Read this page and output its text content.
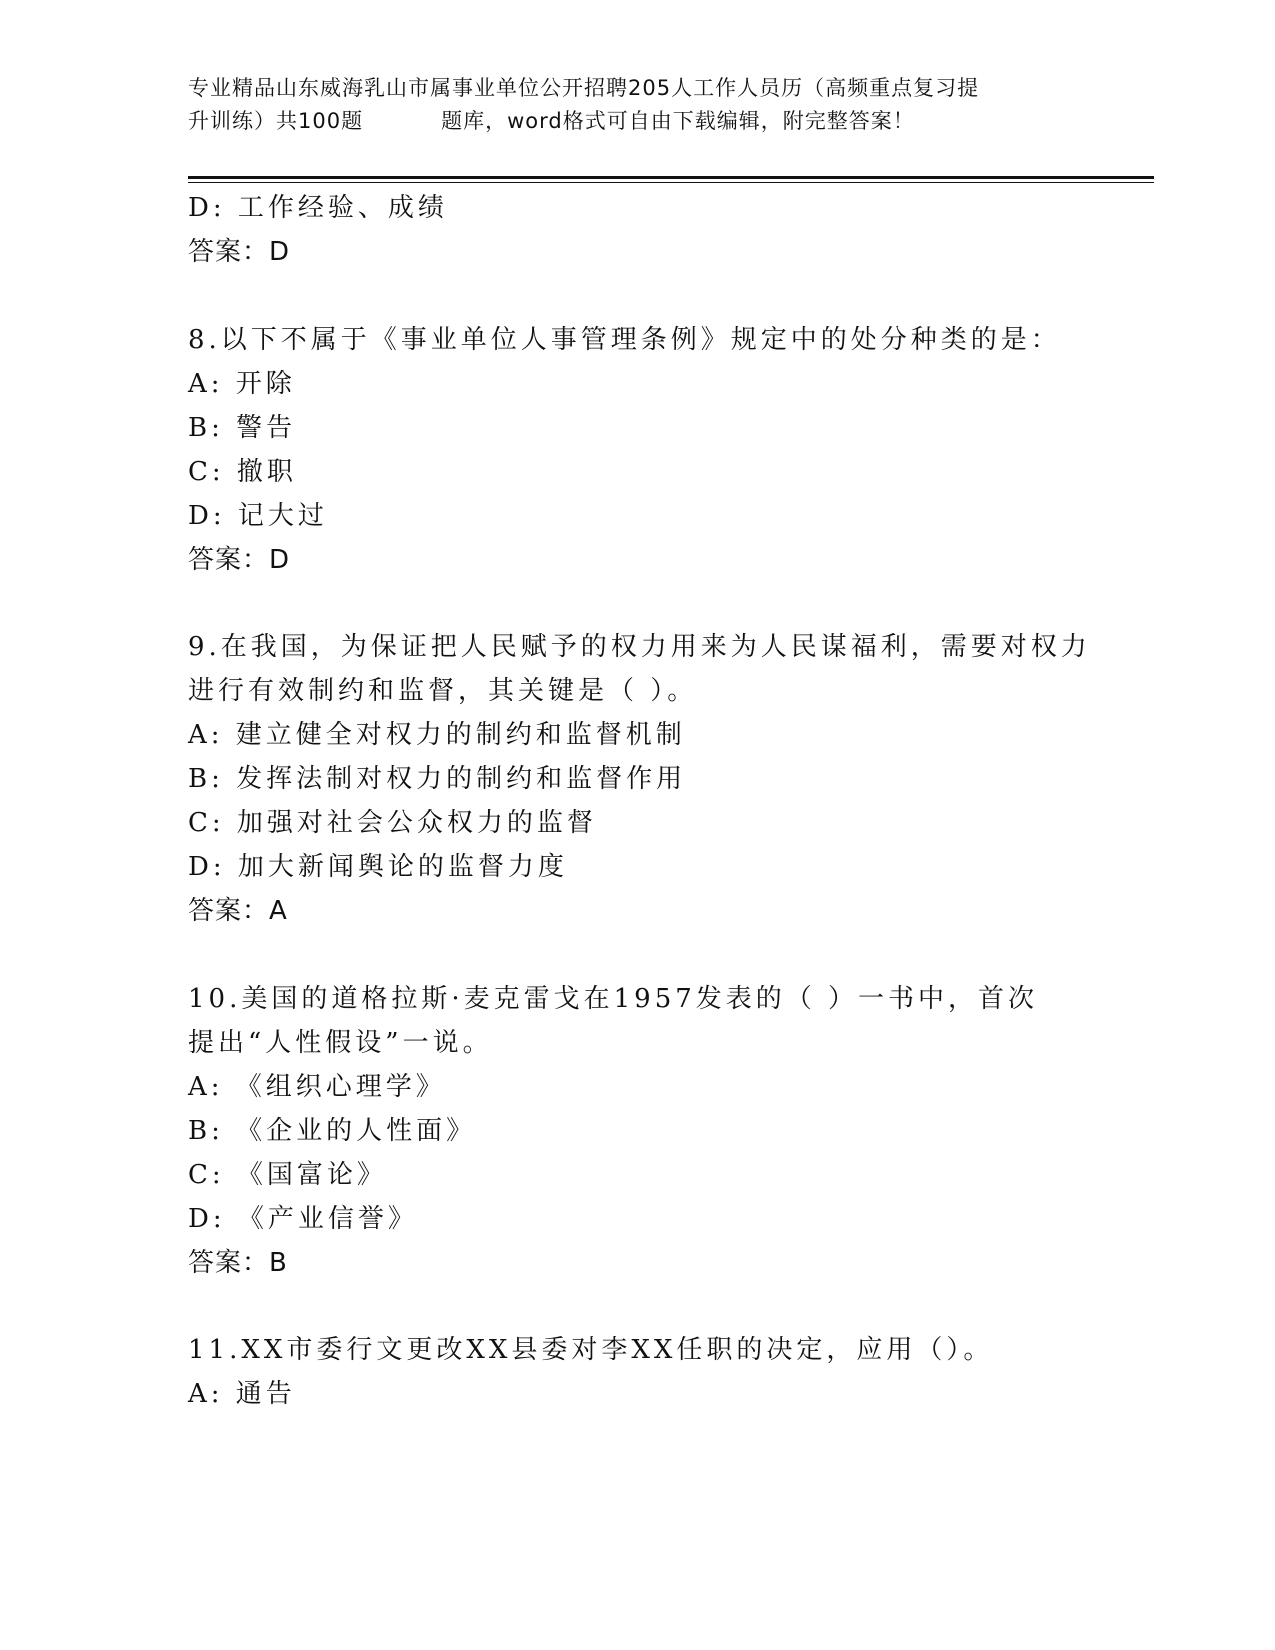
专业精品山东威海乳山市属事业单位公开招聘205人工作人员历（高频重点复习提
升训练）共100题	题库，word格式可自由下载编辑，附完整答案！
D: 工作经验、成绩
答案：D
8.以下不属于《事业单位人事管理条例》规定中的处分种类的是：
A: 开除
B: 警告
C: 撤职
D: 记大过
答案：D
9.在我国，为保证把人民赋予的权力用来为人民谋福利，需要对权力
进行有效制约和监督，其关键是（ ）。
A: 建立健全对权力的制约和监督机制
B: 发挥法制对权力的制约和监督作用
C: 加强对社会公众权力的监督
D: 加大新闻舆论的监督力度
答案：A
10.美国的道格拉斯·麦克雷戈在1957发表的（ ）一书中，首次
提出“人性假设”一说。
A: 《组织心理学》
B: 《企业的人性面》
C: 《国富论》
D: 《产业信誉》
答案：B
11.XX市委行文更改XX县委对李XX任职的决定，应用（）。
A: 通告
